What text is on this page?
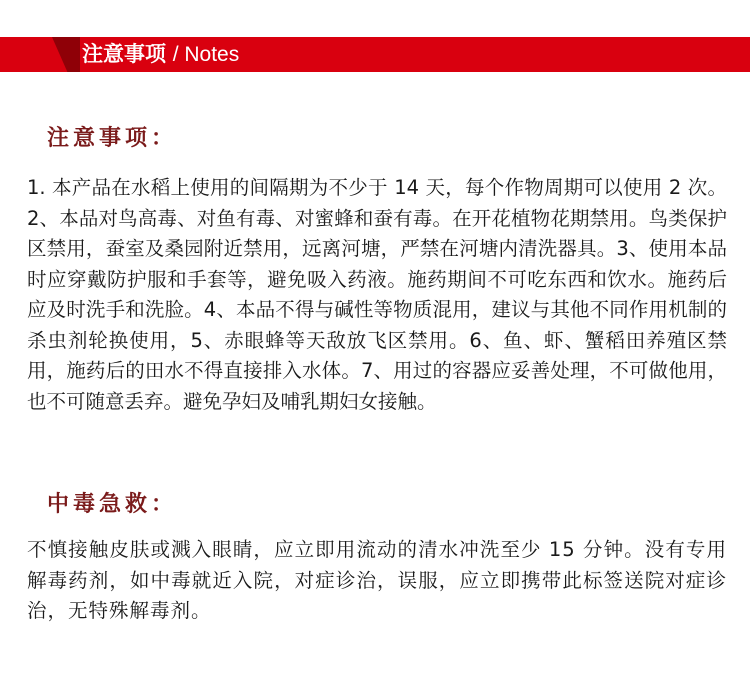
注意事项 / Notes
注意事项：

1. 本产品在水稻上使用的间隔期为不少于 14 天，每个作物周期可以使用 2 次。2、本品对鸟高毒、对鱼有毒、对蜜蜂和蚕有毒。在开花植物花期禁用。鸟类保护区禁用，蚕室及桑园附近禁用，远离河塘，严禁在河塘内清洗器具。3、使用本品时应穿戴防护服和手套等，避免吸入药液。施药期间不可吃东西和饮水。施药后应及时洗手和洗脸。4、本品不得与碱性等物质混用，建议与其他不同作用机制的杀虫剂轮换使用，5、赤眼蜂等天敌放飞区禁用。6、鱼、虾、蟹稻田养殖区禁用，施药后的田水不得直接排入水体。7、用过的容器应妥善处理，不可做他用，也不可随意丢弃。避免孕妇及哺乳期妇女接触。

中毒急救：

不慎接触皮肤或溅入眼睛，应立即用流动的清水冲洗至少 15 分钟。没有专用解毒药剂，如中毒就近入院，对症诊治，误服，应立即携带此标签送院对症诊治，无特殊解毒剂。
